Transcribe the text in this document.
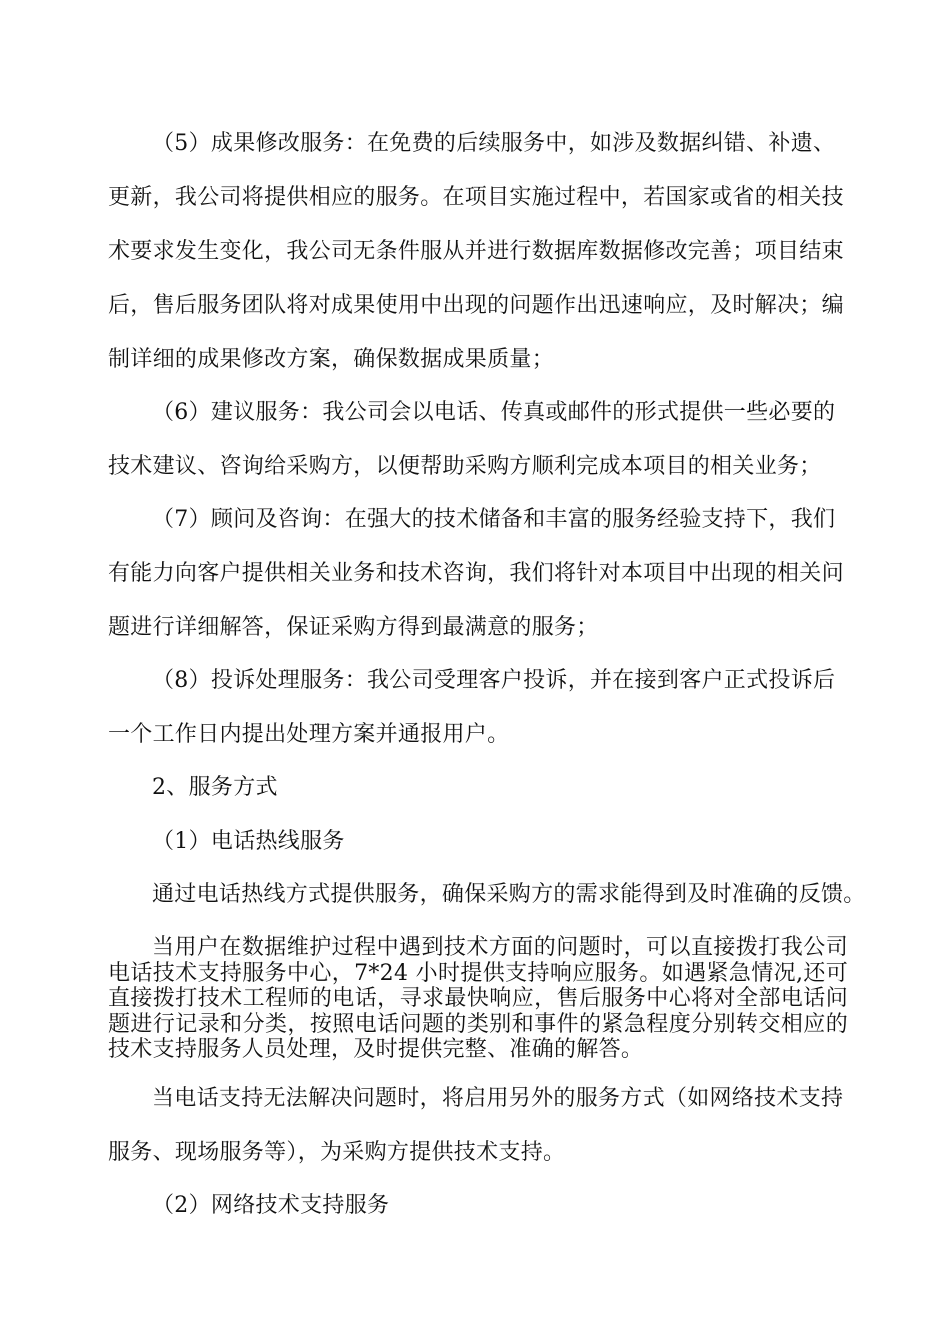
（5）成果修改服务：在免费的后续服务中，如涉及数据纠错、补遗、
更新，我公司将提供相应的服务。在项目实施过程中，若国家或省的相关技
术要求发生变化，我公司无条件服从并进行数据库数据修改完善；项目结束
后，售后服务团队将对成果使用中出现的问题作出迅速响应，及时解决；编
制详细的成果修改方案，确保数据成果质量；
（6）建议服务：我公司会以电话、传真或邮件的形式提供一些必要的
技术建议、咨询给采购方，以便帮助采购方顺利完成本项目的相关业务；
（7）顾问及咨询：在强大的技术储备和丰富的服务经验支持下，我们
有能力向客户提供相关业务和技术咨询，我们将针对本项目中出现的相关问
题进行详细解答，保证采购方得到最满意的服务；
（8）投诉处理服务：我公司受理客户投诉，并在接到客户正式投诉后
一个工作日内提出处理方案并通报用户。
2、服务方式
（1）电话热线服务
通过电话热线方式提供服务，确保采购方的需求能得到及时准确的反馈。
当用户在数据维护过程中遇到技术方面的问题时，可以直接拨打我公司电话技术支持服务中心，7*24 小时提供支持响应服务。如遇紧急情况,还可直接拨打技术工程师的电话，寻求最快响应，售后服务中心将对全部电话问题进行记录和分类，按照电话问题的类别和事件的紧急程度分别转交相应的技术支持服务人员处理，及时提供完整、准确的解答。
当电话支持无法解决问题时，将启用另外的服务方式（如网络技术支持
服务、现场服务等），为采购方提供技术支持。
（2）网络技术支持服务
